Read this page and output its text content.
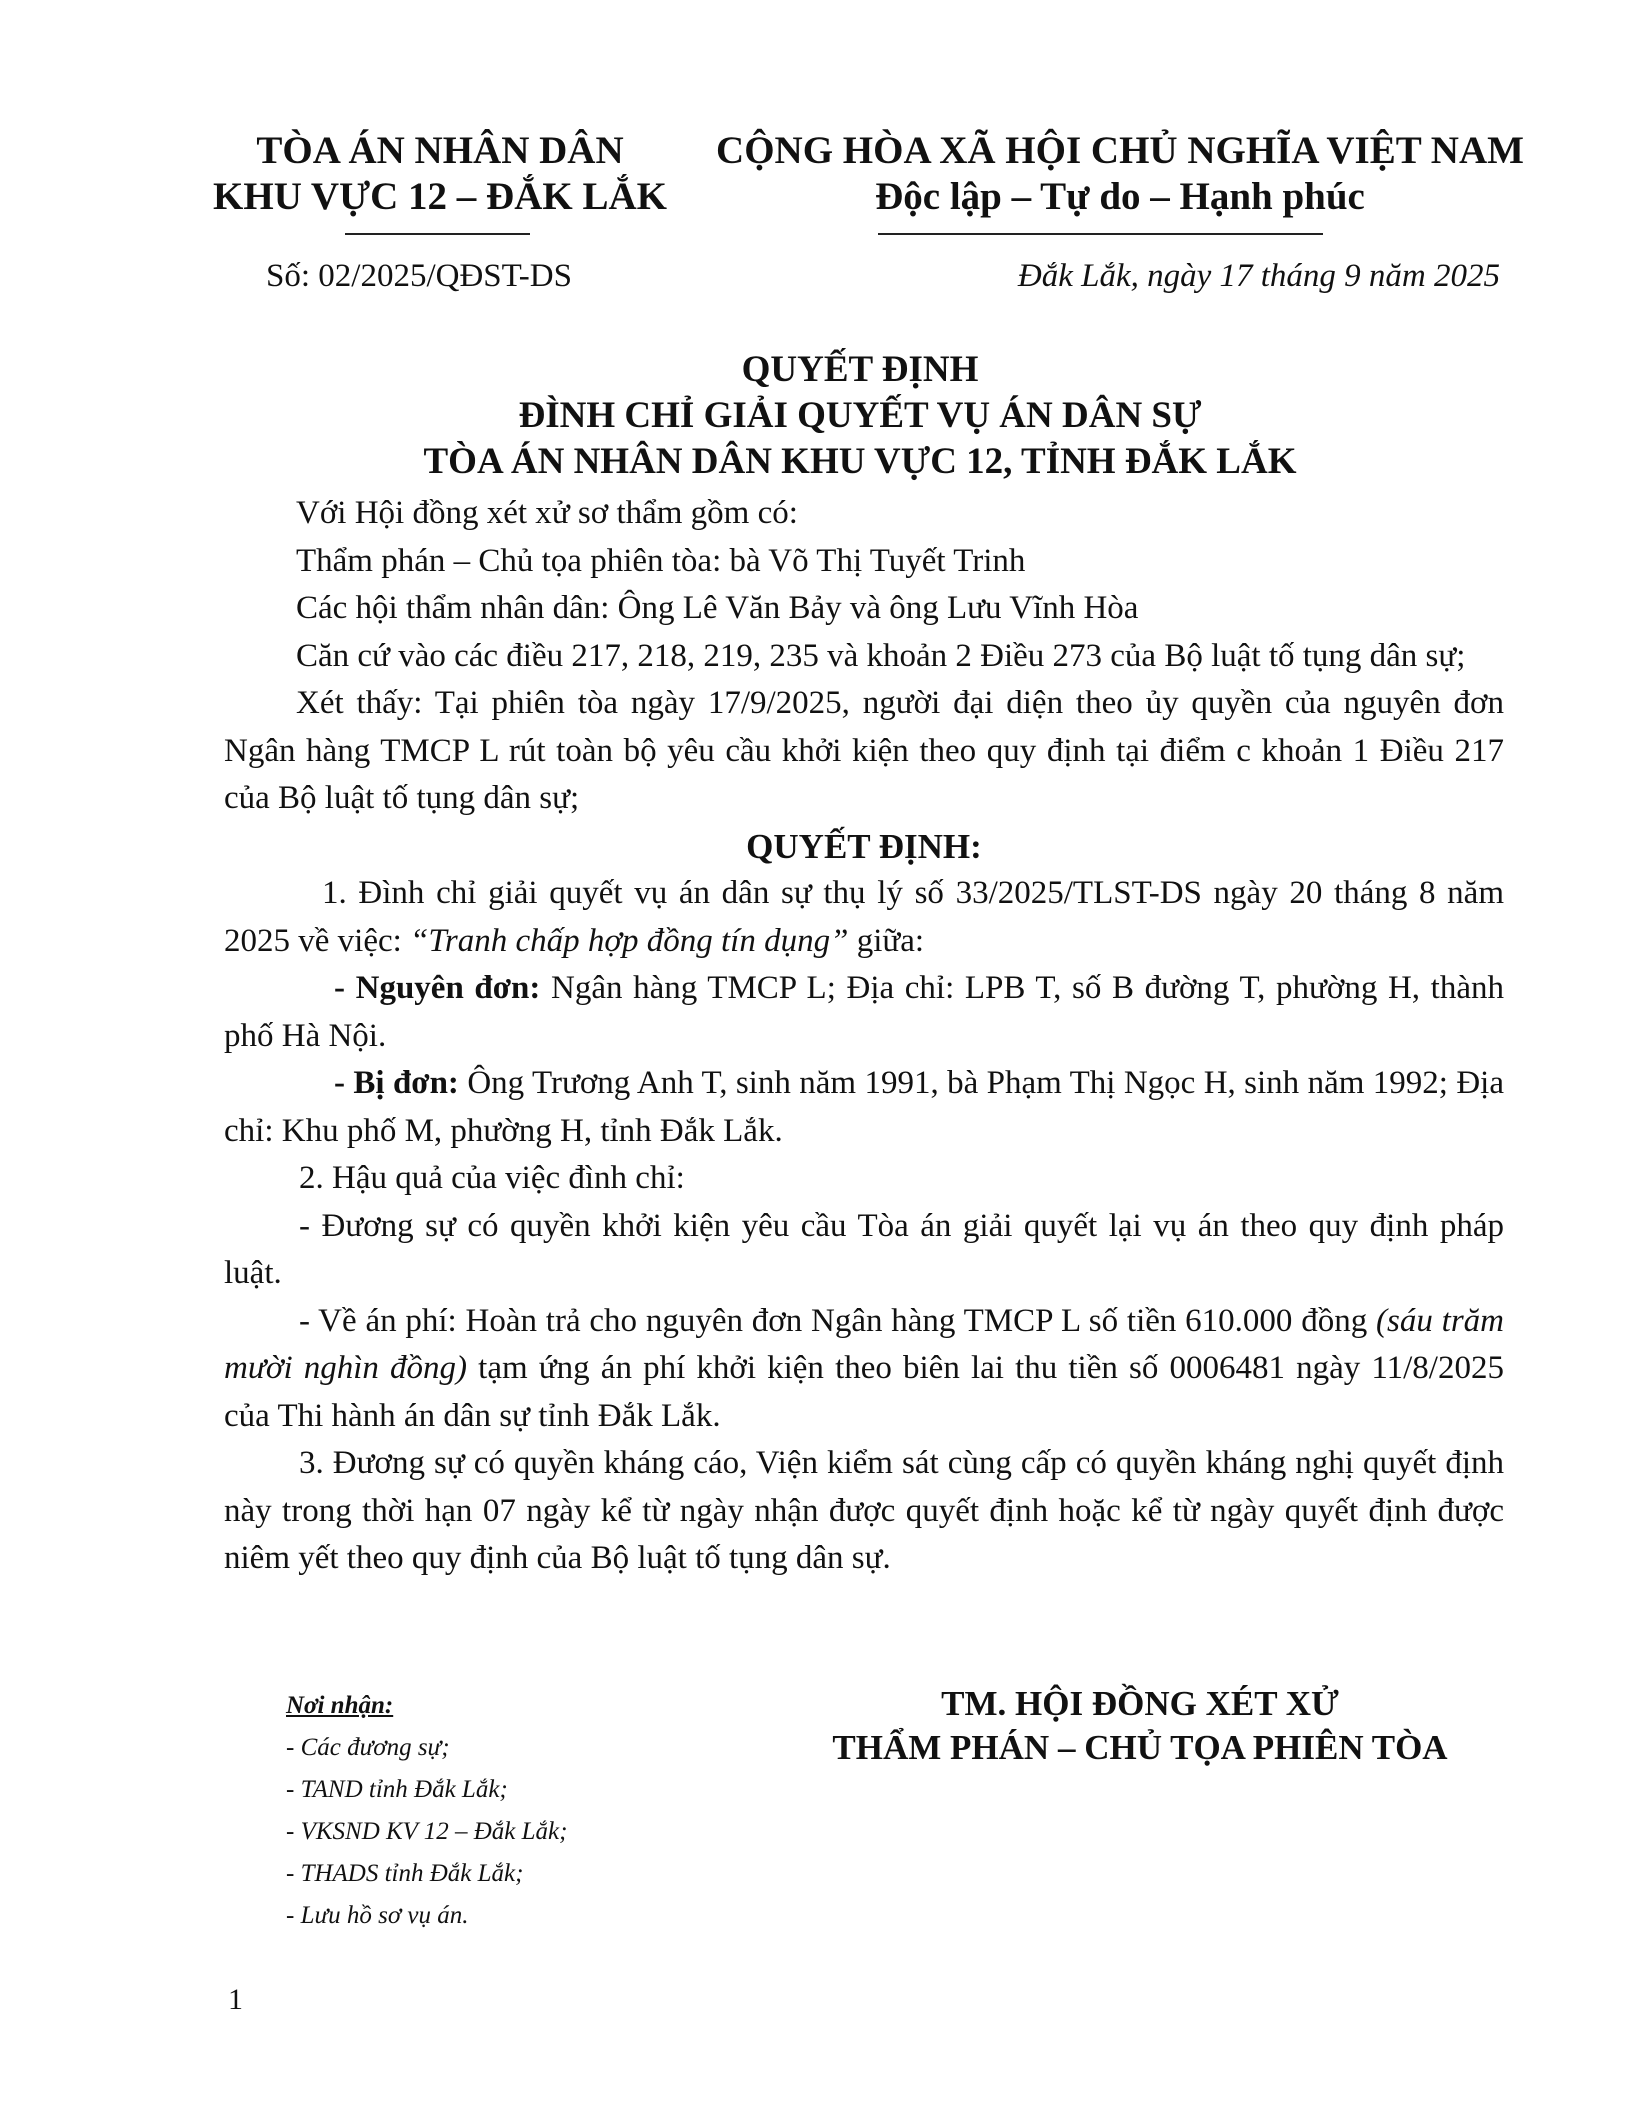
TÒA ÁN NHÂN DÂN
KHU VỰC 12 – ĐẮK LẮK
CỘNG HÒA XÃ HỘI CHỦ NGHĨA VIỆT NAM
Độc lập – Tự do – Hạnh phúc
Số: 02/2025/QĐST-DS	Đắk Lắk, ngày 17 tháng 9 năm 2025
QUYẾT ĐỊNH
ĐÌNH CHỈ GIẢI QUYẾT VỤ ÁN DÂN SỰ
TÒA ÁN NHÂN DÂN KHU VỰC 12, TỈNH ĐẮK LẮK

Với Hội đồng xét xử sơ thẩm gồm có:

Thẩm phán – Chủ tọa phiên tòa: bà Võ Thị Tuyết Trinh

Các hội thẩm nhân dân: Ông Lê Văn Bảy và ông Lưu Vĩnh Hòa

Căn cứ vào các điều 217, 218, 219, 235 và khoản 2 Điều 273 của Bộ luật tố tụng dân sự;

Xét thấy: Tại phiên tòa ngày 17/9/2025, người đại diện theo ủy quyền của nguyên đơn Ngân hàng TMCP L rút toàn bộ yêu cầu khởi kiện theo quy định tại điểm c khoản 1 Điều 217 của Bộ luật tố tụng dân sự;

QUYẾT ĐỊNH:

1. Đình chỉ giải quyết vụ án dân sự thụ lý số 33/2025/TLST-DS ngày 20 tháng 8 năm 2025 về việc: “Tranh chấp hợp đồng tín dụng” giữa:

- Nguyên đơn: Ngân hàng TMCP L; Địa chỉ: LPB T, số B đường T, phường H, thành phố Hà Nội.

- Bị đơn: Ông Trương Anh T, sinh năm 1991, bà Phạm Thị Ngọc H, sinh năm 1992; Địa chỉ: Khu phố M, phường H, tỉnh Đắk Lắk.

2. Hậu quả của việc đình chỉ:

- Đương sự có quyền khởi kiện yêu cầu Tòa án giải quyết lại vụ án theo quy định pháp luật.

- Về án phí: Hoàn trả cho nguyên đơn Ngân hàng TMCP L số tiền 610.000 đồng (sáu trăm mười nghìn đồng) tạm ứng án phí khởi kiện theo biên lai thu tiền số 0006481 ngày 11/8/2025 của Thi hành án dân sự tỉnh Đắk Lắk.

3. Đương sự có quyền kháng cáo, Viện kiểm sát cùng cấp có quyền kháng nghị quyết định này trong thời hạn 07 ngày kể từ ngày nhận được quyết định hoặc kể từ ngày quyết định được niêm yết theo quy định của Bộ luật tố tụng dân sự.

Nơi nhận:
- Các đương sự;
- TAND tỉnh Đắk Lắk;
- VKSND KV 12 – Đắk Lắk;
- THADS tỉnh Đắk Lắk;
- Lưu hồ sơ vụ án.
TM. HỘI ĐỒNG XÉT XỬ
THẨM PHÁN – CHỦ TỌA PHIÊN TÒA
1
